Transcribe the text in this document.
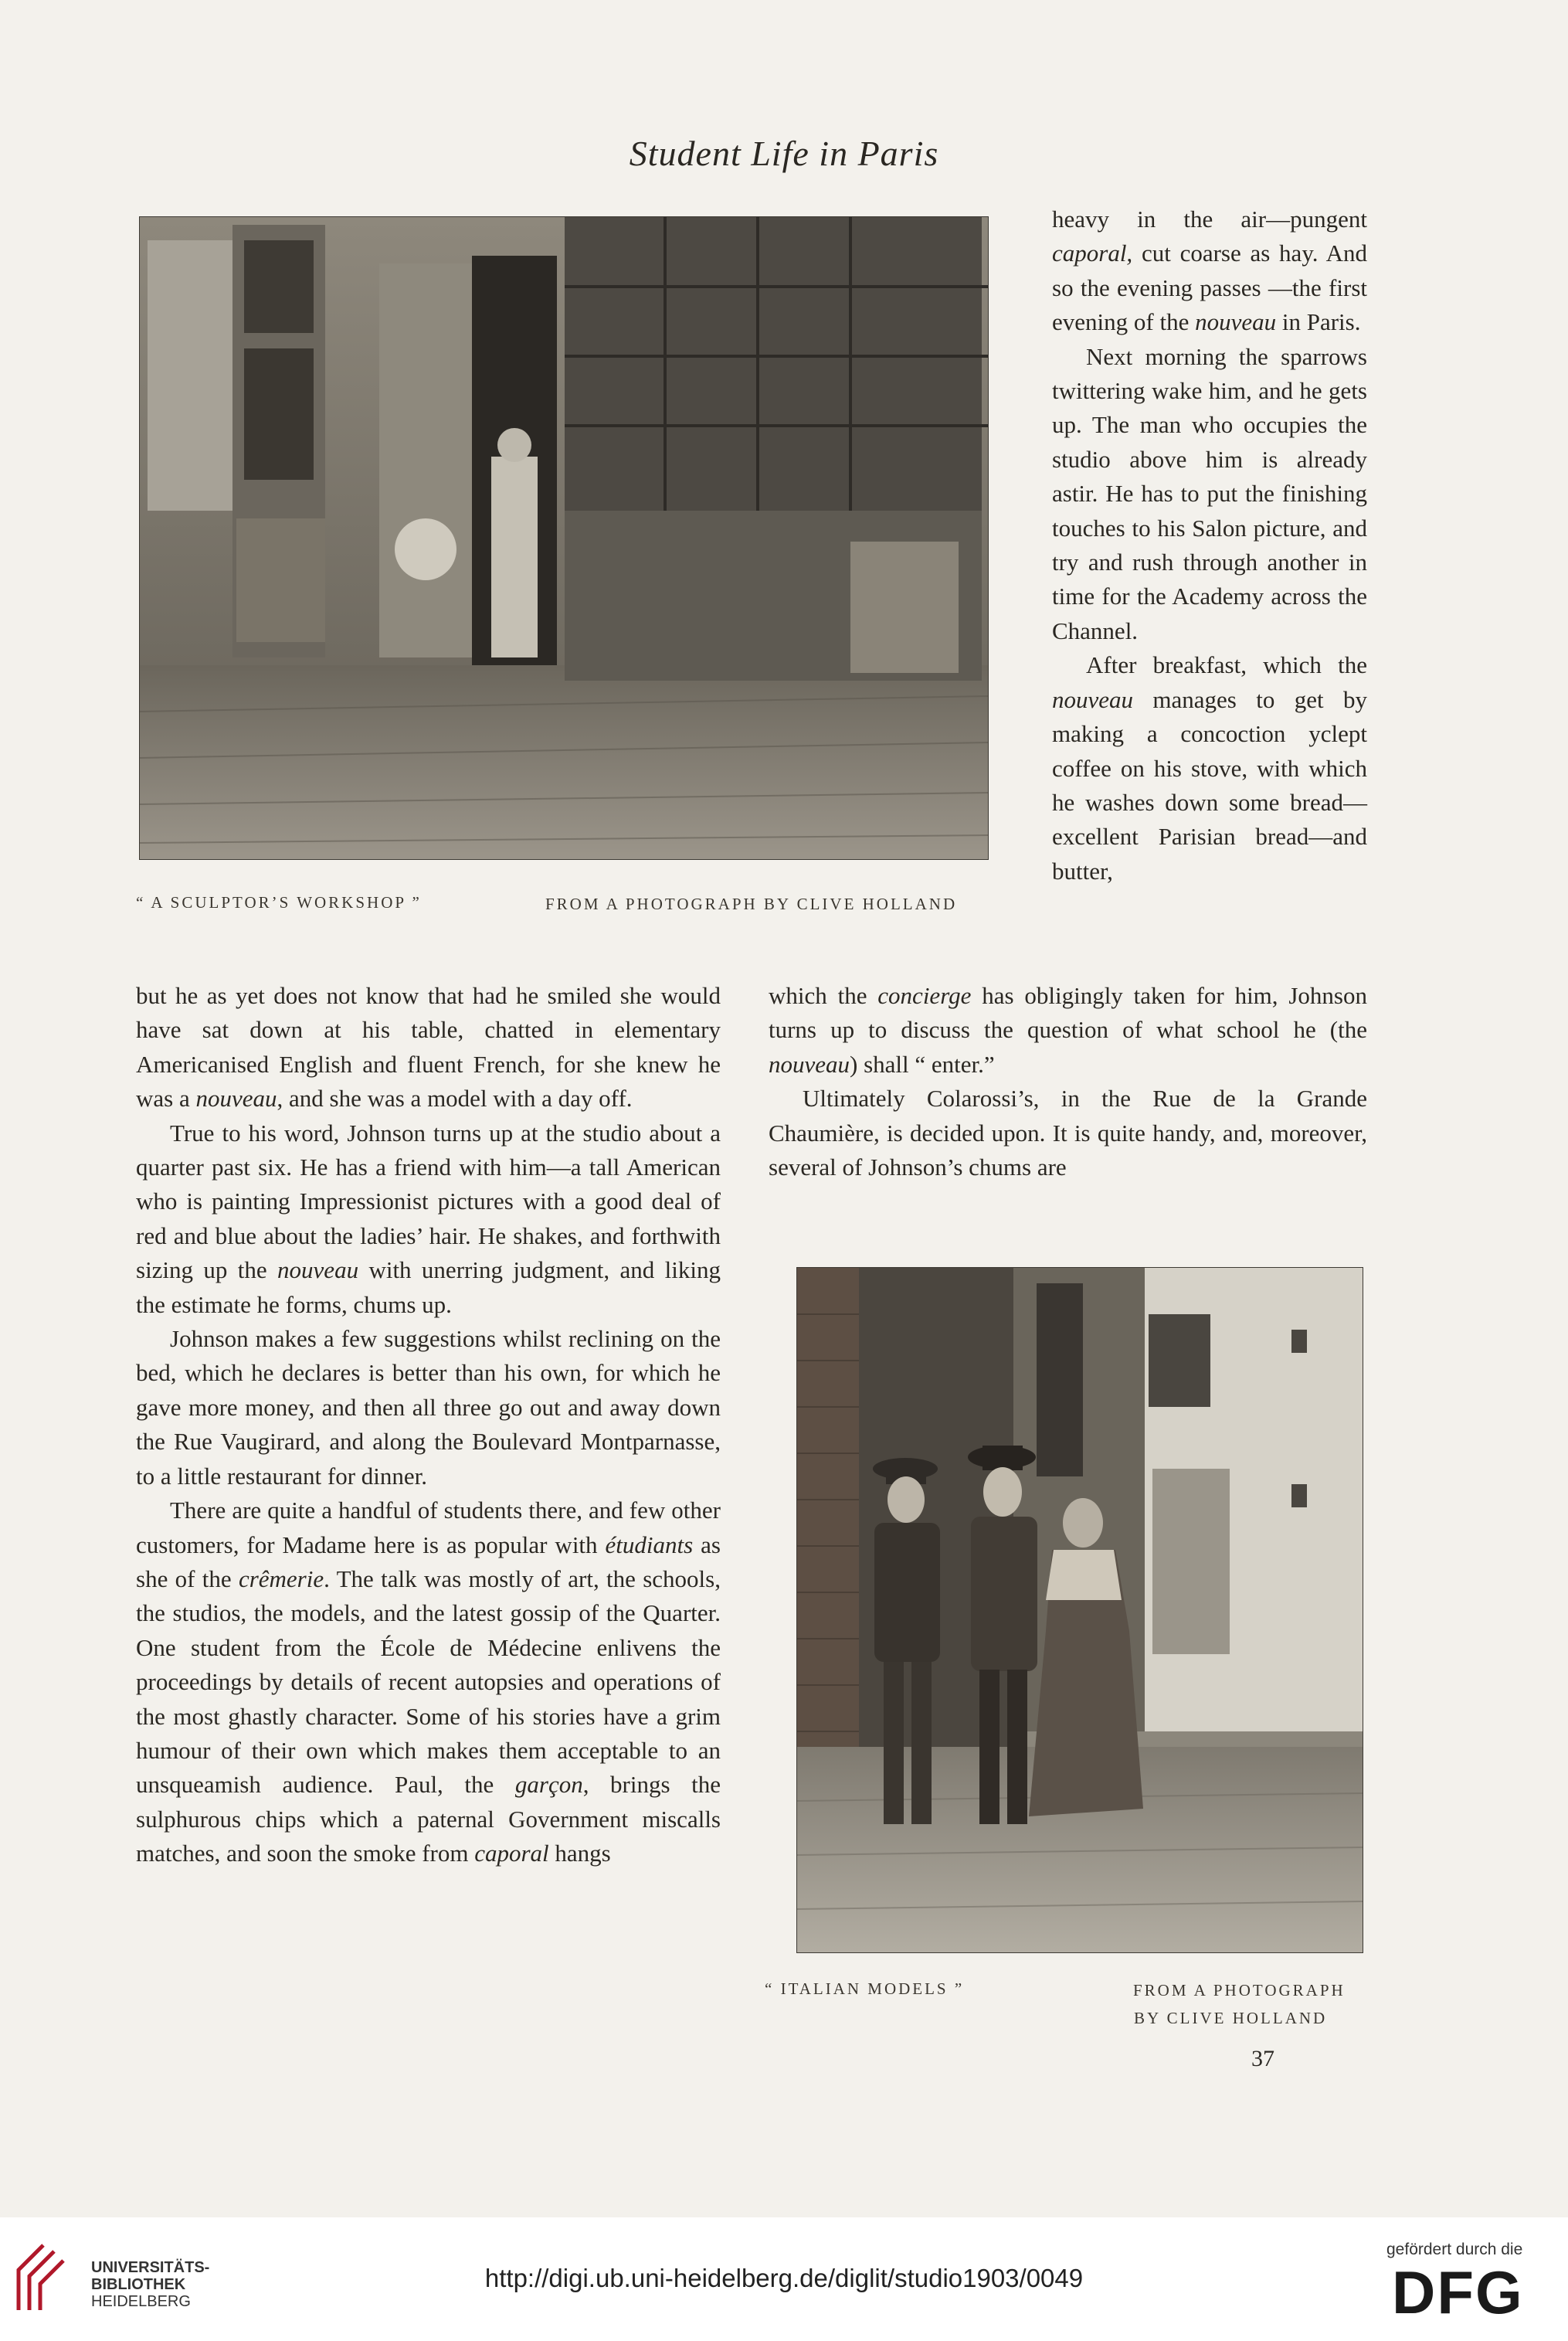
Student Life in Paris
“ A SCULPTOR’S WORKSHOP ”	FROM A PHOTOGRAPH BY CLIVE HOLLAND

heavy in the air—pungent caporal, cut coarse as hay. And so the evening passes —the first evening of the nouveau in Paris.

Next morning the sparrows twittering wake him, and he gets up. The man who occupies the studio above him is already astir. He has to put the finishing touches to his Salon picture, and try and rush through another in time for the Academy across the Channel.

After breakfast, which the nouveau manages to get by making a concoction yclept coffee on his stove, with which he washes down some bread—excellent Parisian bread—and butter,

but he as yet does not know that had he smiled she would have sat down at his table, chatted in elementary Americanised English and fluent French, for she knew he was a nouveau, and she was a model with a day off.

True to his word, Johnson turns up at the studio about a quarter past six. He has a friend with him—a tall American who is painting Impressionist pictures with a good deal of red and blue about the ladies’ hair. He shakes, and forthwith sizing up the nouveau with unerring judgment, and liking the estimate he forms, chums up.

Johnson makes a few suggestions whilst reclining on the bed, which he declares is better than his own, for which he gave more money, and then all three go out and away down the Rue Vaugirard, and along the Boulevard Montparnasse, to a little restaurant for dinner.

There are quite a handful of students there, and few other customers, for Madame here is as popular with étudiants as she of the crêmerie. The talk was mostly of art, the schools, the studios, the models, and the latest gossip of the Quarter. One student from the École de Médecine enlivens the proceedings by details of recent autopsies and operations of the most ghastly character. Some of his stories have a grim humour of their own which makes them acceptable to an unsqueamish audience. Paul, the garçon, brings the sulphurous chips which a paternal Government miscalls matches, and soon the smoke from caporal hangs

which the concierge has obligingly taken for him, Johnson turns up to discuss the question of what school he (the nouveau) shall “ enter.”

Ultimately Colarossi’s, in the Rue de la Grande Chaumière, is decided upon. It is quite handy, and, moreover, several of Johnson’s chums are

“ ITALIAN MODELS ”	FROM A PHOTOGRAPH
BY CLIVE HOLLAND
37
UNIVERSITÄTS-
BIBLIOTHEK
HEIDELBERG
http://digi.ub.uni-heidelberg.de/diglit/studio1903/0049
gefördert durch die
DFG
